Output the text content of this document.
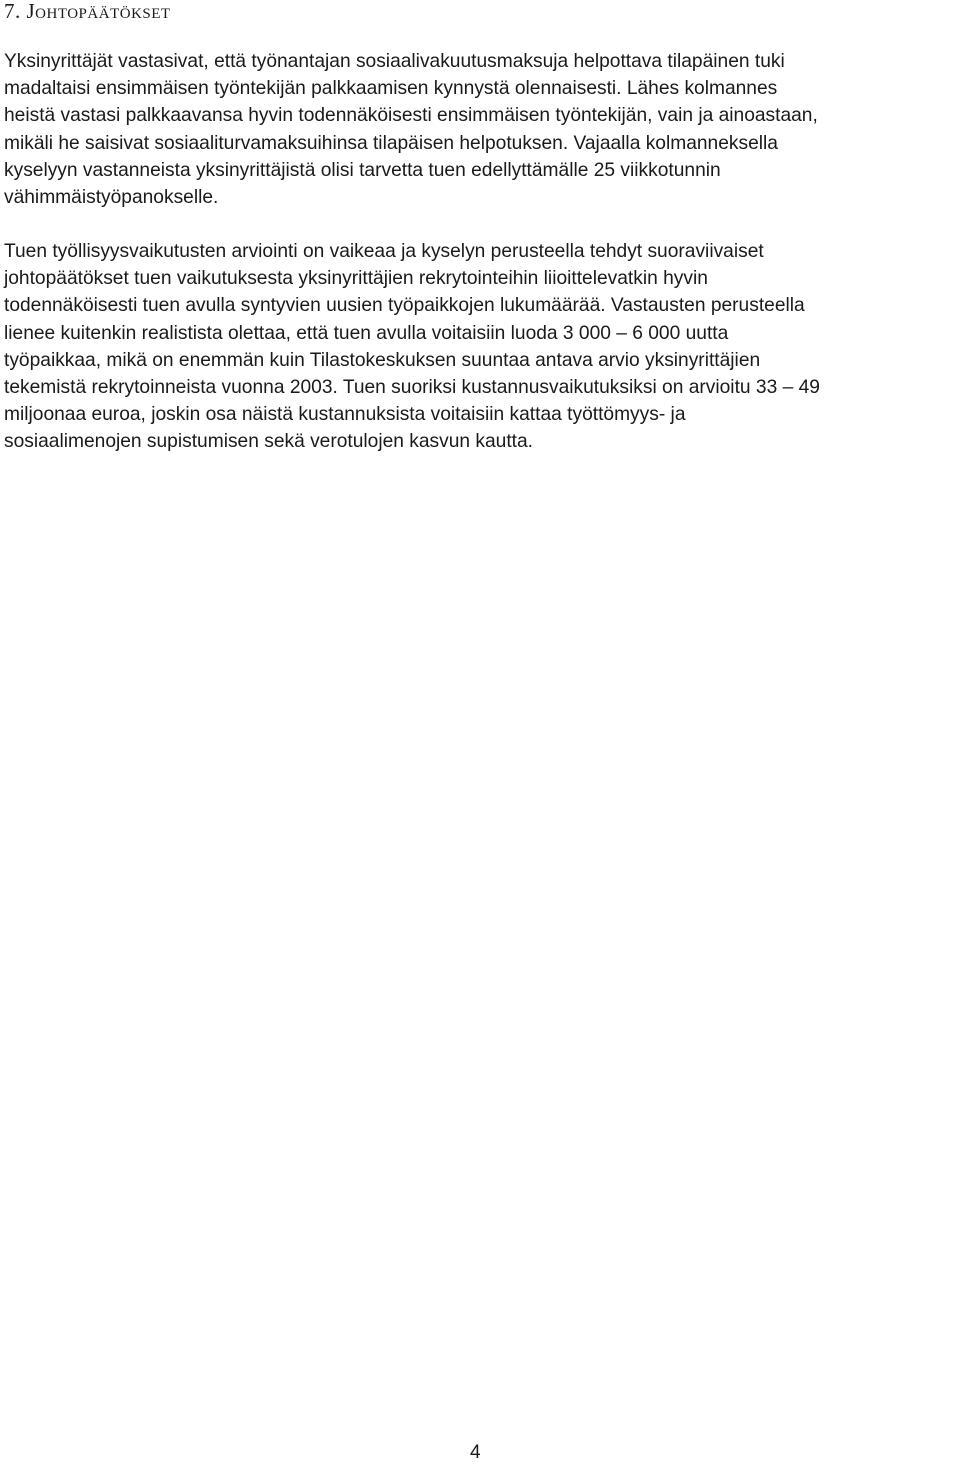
7. Johtopäätökset

Yksinyrittäjät vastasivat, että työnantajan sosiaalivakuutusmaksuja helpottava tilapäinen tuki
madaltaisi ensimmäisen työntekijän palkkaamisen kynnystä olennaisesti. Lähes kolmannes
heistä vastasi palkkaavansa hyvin todennäköisesti ensimmäisen työntekijän, vain ja ainoastaan,
mikäli he saisivat sosiaaliturvamaksuihinsa tilapäisen helpotuksen. Vajaalla kolmanneksella
kyselyyn vastanneista yksinyrittäjistä olisi tarvetta tuen edellyttämälle 25 viikkotunnin
vähimmäistyöpanokselle.

Tuen työllisyysvaikutusten arviointi on vaikeaa ja kyselyn perusteella tehdyt suoraviivaiset
johtopäätökset tuen vaikutuksesta yksinyrittäjien rekrytointeihin liioittelevatkin hyvin
todennäköisesti tuen avulla syntyvien uusien työpaikkojen lukumäärää. Vastausten perusteella
lienee kuitenkin realistista olettaa, että tuen avulla voitaisiin luoda 3 000 – 6 000 uutta
työpaikkaa, mikä on enemmän kuin Tilastokeskuksen suuntaa antava arvio yksinyrittäjien
tekemistä rekrytoinneista vuonna 2003. Tuen suoriksi kustannusvaikutuksiksi on arvioitu 33 – 49
miljoonaa euroa, joskin osa näistä kustannuksista voitaisiin kattaa työttömyys- ja
sosiaalimenojen supistumisen sekä verotulojen kasvun kautta.

4
